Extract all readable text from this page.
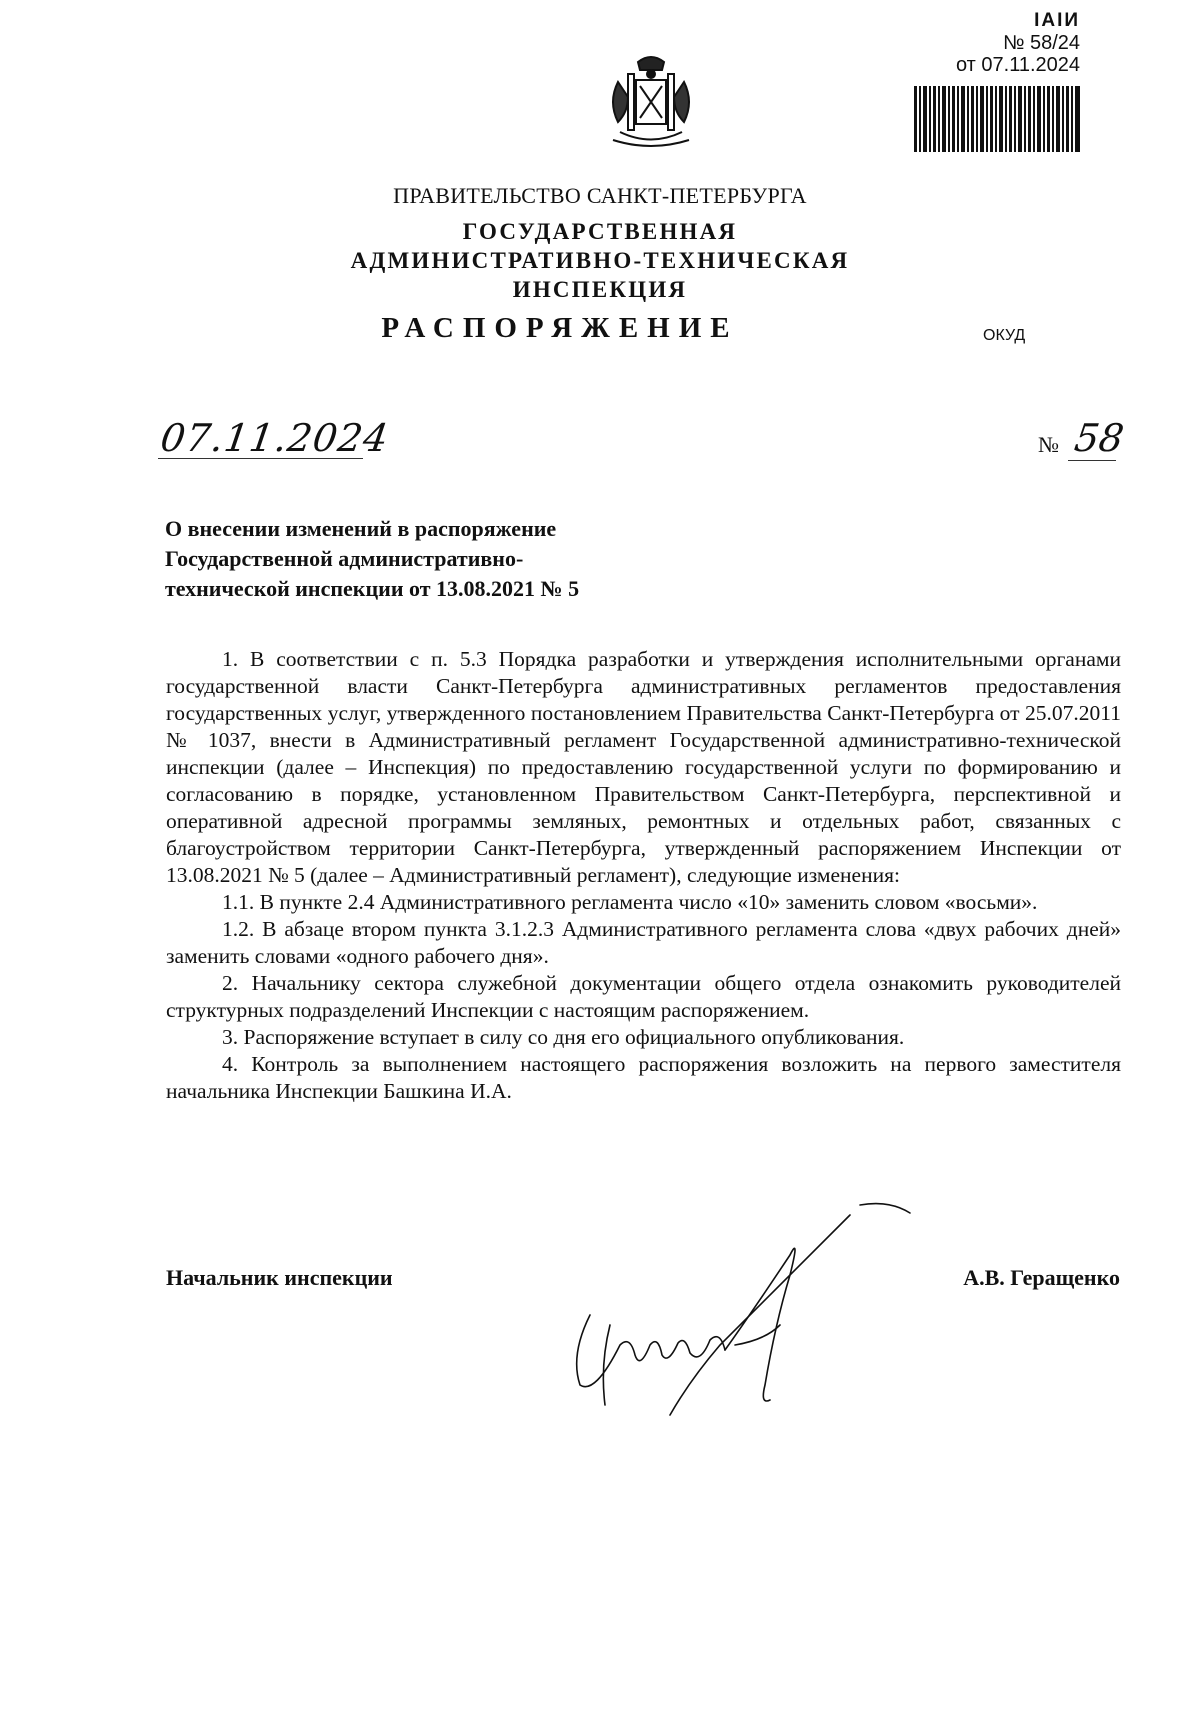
IAIИ
№ 58/24
от 07.11.2024
ПРАВИТЕЛЬСТВО САНКТ-ПЕТЕРБУРГА
ГОСУДАРСТВЕННАЯ
АДМИНИСТРАТИВНО-ТЕХНИЧЕСКАЯ
ИНСПЕКЦИЯ
РАСПОРЯЖЕНИЕ	ОКУД
07.11.2024	№ 58
О внесении изменений в распоряжение
Государственной административно-
технической инспекции от 13.08.2021 № 5

1. В соответствии с п. 5.3 Порядка разработки и утверждения исполнительными органами государственной власти Санкт-Петербурга административных регламентов предоставления государственных услуг, утвержденного постановлением Правительства Санкт-Петербурга от 25.07.2011 № 1037, внести в Административный регламент Государственной административно-технической инспекции (далее – Инспекция) по предоставлению государственной услуги по формированию и согласованию в порядке, установленном Правительством Санкт-Петербурга, перспективной и оперативной адресной программы земляных, ремонтных и отдельных работ, связанных с благоустройством территории Санкт-Петербурга, утвержденный распоряжением Инспекции от 13.08.2021 № 5 (далее – Административный регламент), следующие изменения:

1.1. В пункте 2.4 Административного регламента число «10» заменить словом «восьми».

1.2. В абзаце втором пункта 3.1.2.3 Административного регламента слова «двух рабочих дней» заменить словами «одного рабочего дня».

2. Начальнику сектора служебной документации общего отдела ознакомить руководителей структурных подразделений Инспекции с настоящим распоряжением.

3. Распоряжение вступает в силу со дня его официального опубликования.

4. Контроль за выполнением настоящего распоряжения возложить на первого заместителя начальника Инспекции Башкина И.А.

Начальник инспекции	А.В. Геращенко
